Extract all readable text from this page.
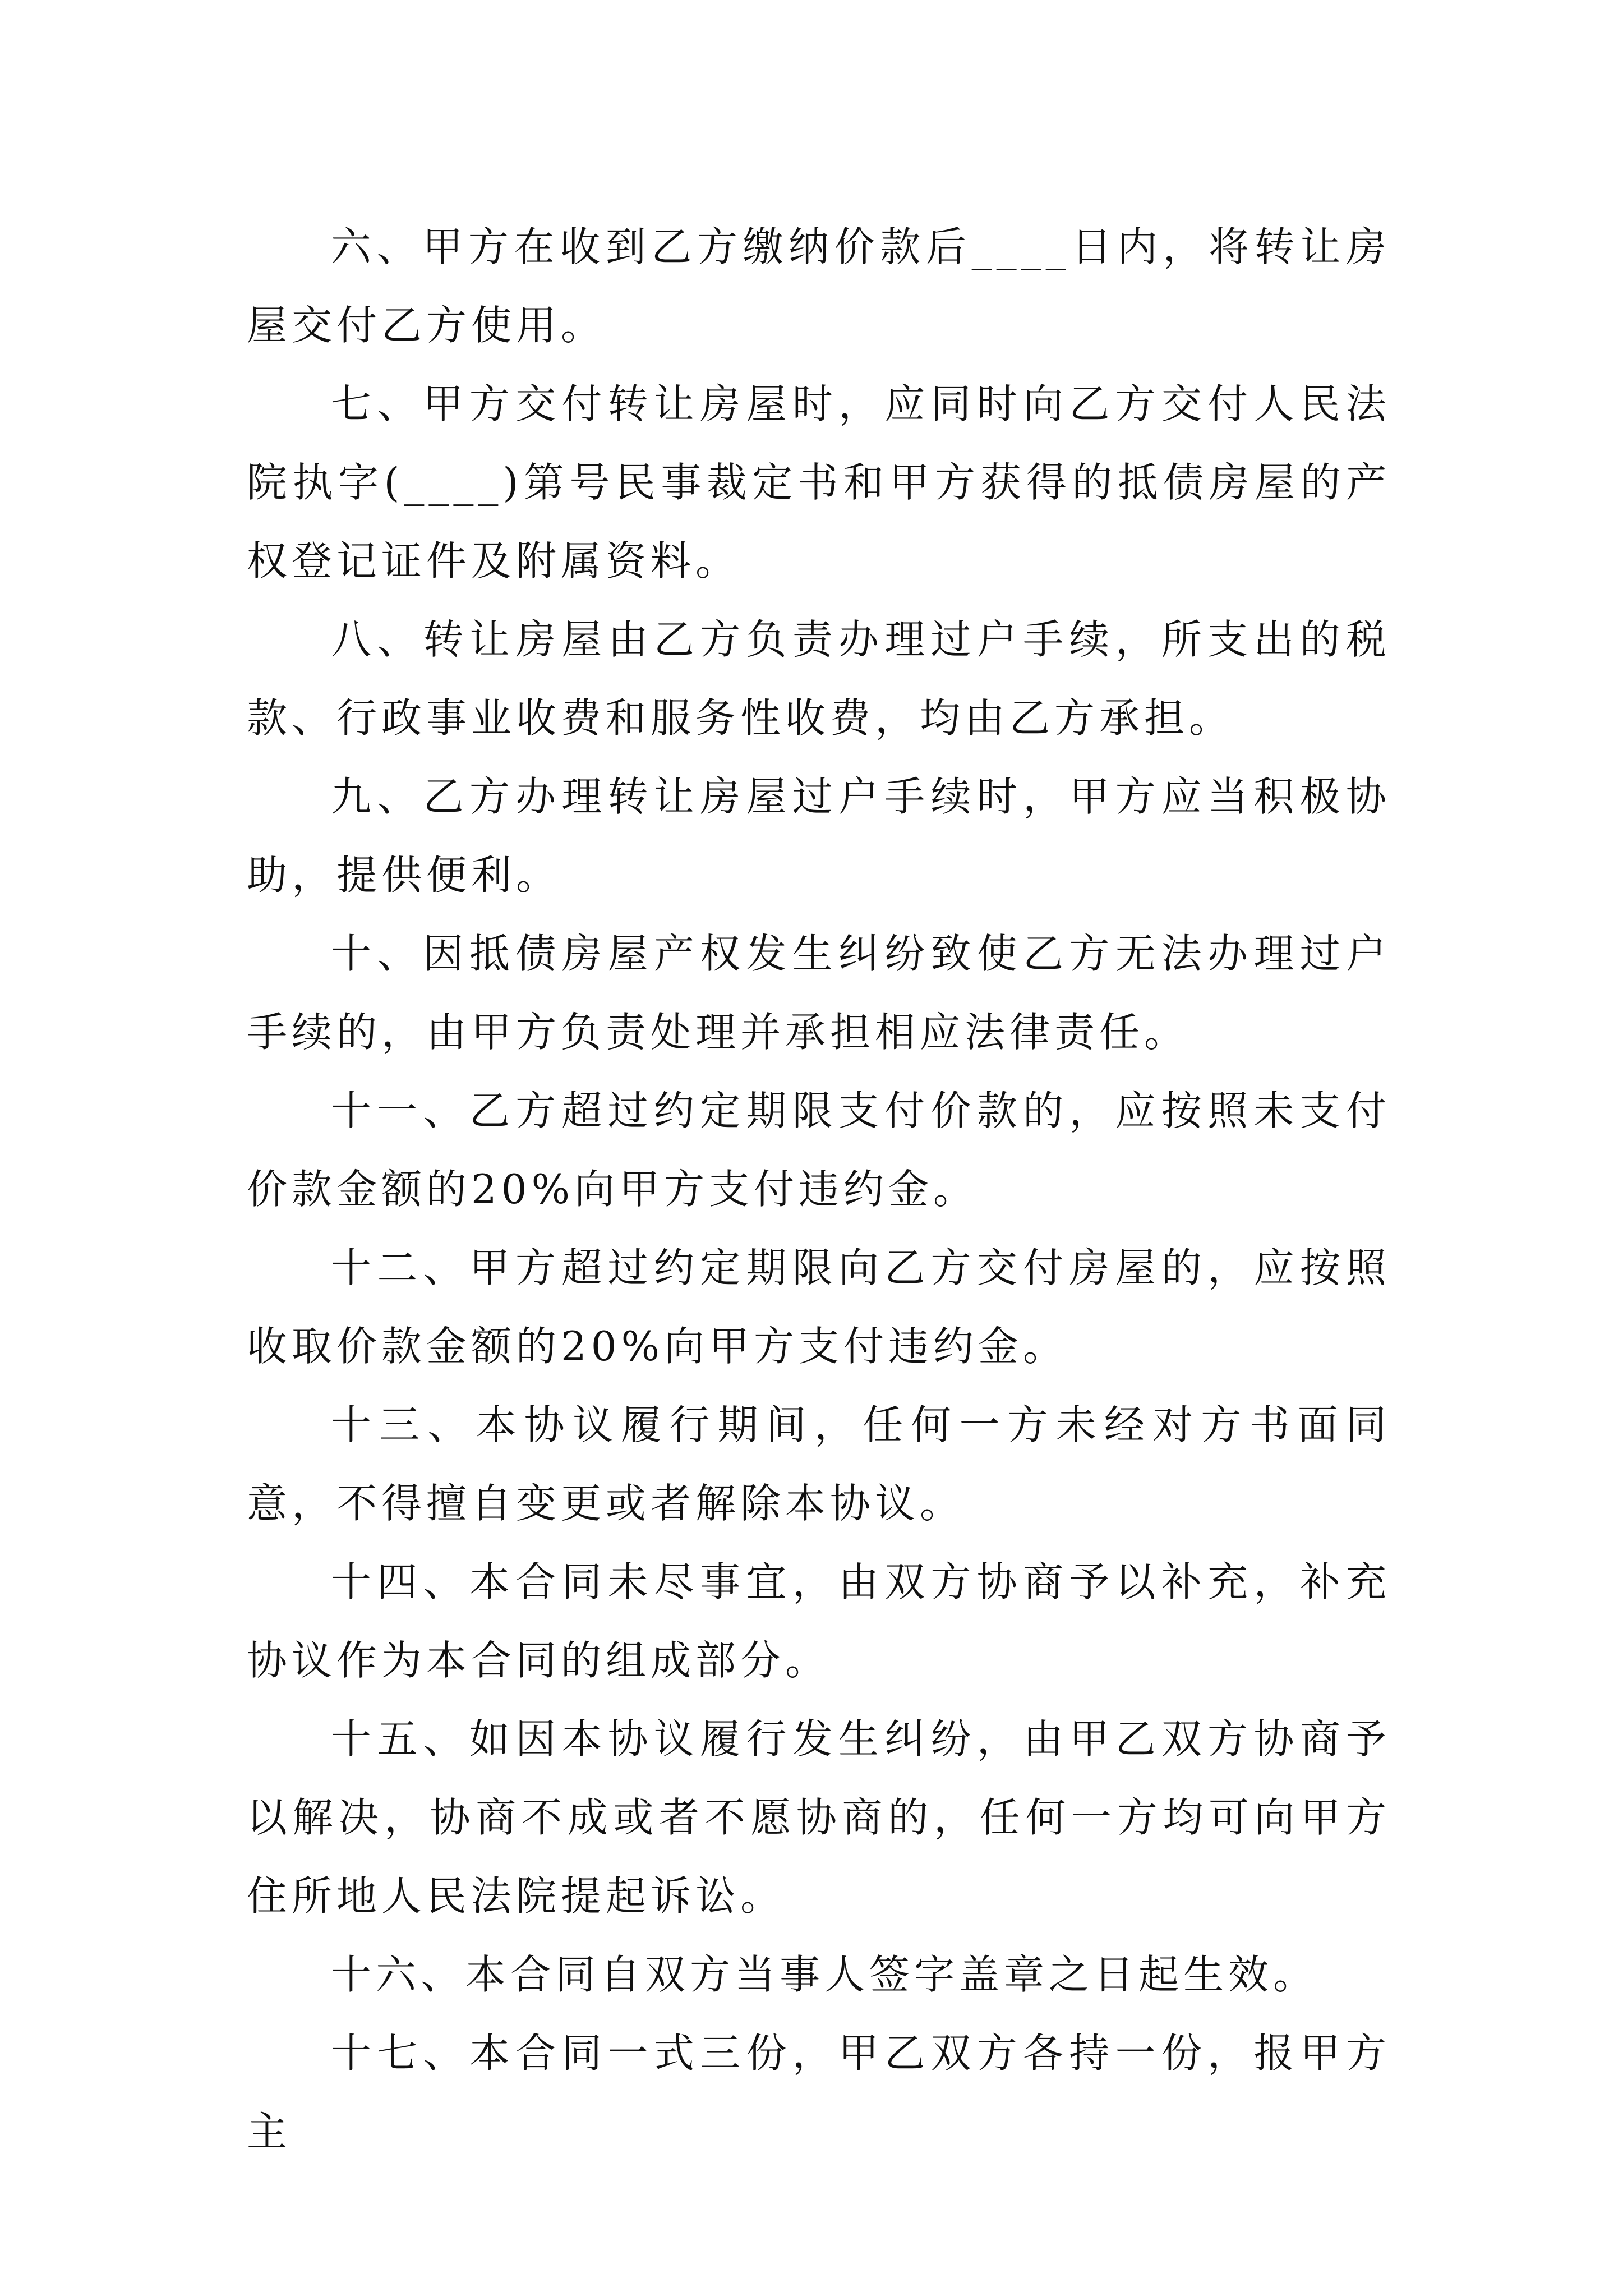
六、甲方在收到乙方缴纳价款后____日内，将转让房屋交付乙方使用。

七、甲方交付转让房屋时，应同时向乙方交付人民法院执字(____)第号民事裁定书和甲方获得的抵债房屋的产权登记证件及附属资料。

八、转让房屋由乙方负责办理过户手续，所支出的税款、行政事业收费和服务性收费，均由乙方承担。

九、乙方办理转让房屋过户手续时，甲方应当积极协助，提供便利。

十、因抵债房屋产权发生纠纷致使乙方无法办理过户手续的，由甲方负责处理并承担相应法律责任。

十一、乙方超过约定期限支付价款的，应按照未支付价款金额的20%向甲方支付违约金。

十二、甲方超过约定期限向乙方交付房屋的，应按照收取价款金额的20%向甲方支付违约金。

十三、本协议履行期间，任何一方未经对方书面同意，不得擅自变更或者解除本协议。

十四、本合同未尽事宜，由双方协商予以补充，补充协议作为本合同的组成部分。

十五、如因本协议履行发生纠纷，由甲乙双方协商予以解决，协商不成或者不愿协商的，任何一方均可向甲方住所地人民法院提起诉讼。

十六、本合同自双方当事人签字盖章之日起生效。

十七、本合同一式三份，甲乙双方各持一份，报甲方主
